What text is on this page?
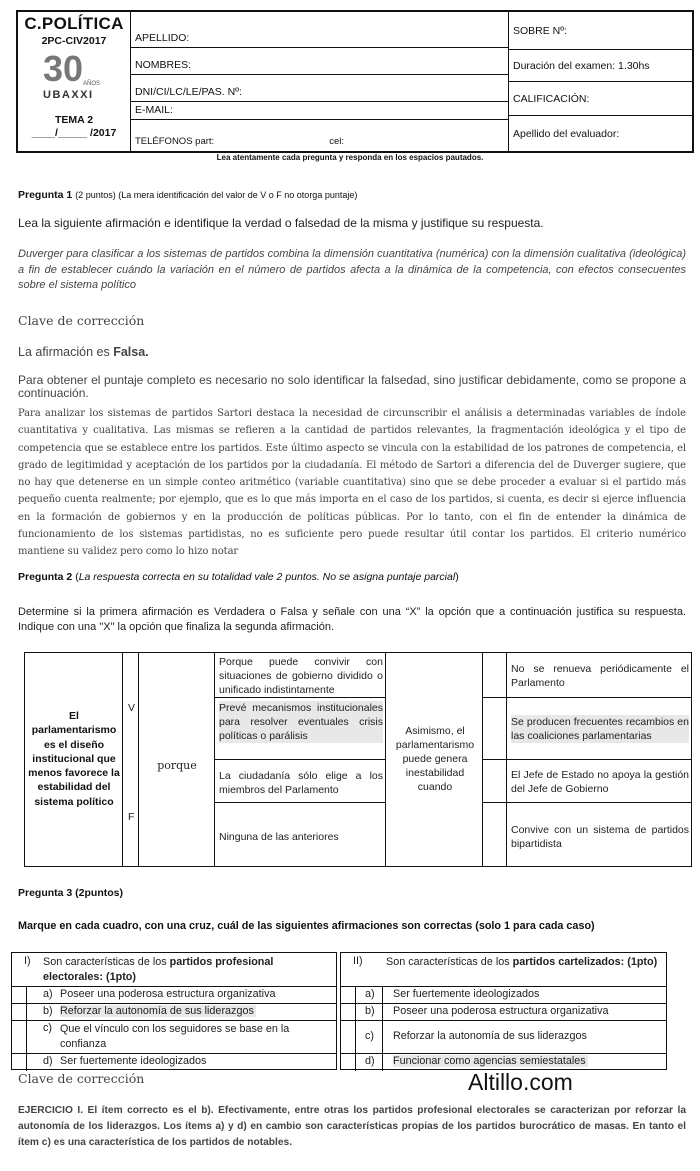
C.POLÍTICA
2PC-CIV2017
30 AÑOS
UBAXXI
TEMA 2
____/_____ /2017
APELLIDO:
NOMBRES:
DNI/CI/LC/LE/PAS. Nº:
E-MAIL:
TELÉFONOS part:	cel:
SOBRE Nº:
Duración del examen: 1.30hs
CALIFICACIÓN:
Apellido del evaluador:
Lea atentamente cada pregunta y responda en los espacios pautados.
Pregunta 1 (2 puntos) (La mera identificación del valor de V o F no otorga puntaje)
Lea la siguiente afirmación e identifique la verdad o falsedad de la misma y justifique su respuesta.
Duverger para clasificar a los sistemas de partidos combina la dimensión cuantitativa (numérica) con la dimensión cualitativa (ideológica) a fin de establecer cuándo la variación en el número de partidos afecta a la dinámica de la competencia, con efectos consecuentes sobre el sistema político
Clave de corrección
La afirmación es Falsa.
Para obtener el puntaje completo es necesario no solo identificar la falsedad, sino justificar debidamente, como se propone a continuación.
Para analizar los sistemas de partidos Sartori destaca la necesidad de circunscribir el análisis a determinadas variables de índole cuantitativa y cualitativa. Las mismas se refieren a la cantidad de partidos relevantes, la fragmentación ideológica y el tipo de competencia que se establece entre los partidos. Este último aspecto se vincula con la estabilidad de los patrones de competencia, el grado de legitimidad y aceptación de los partidos por la ciudadanía. El método de Sartori a diferencia del de Duverger sugiere, que no hay que detenerse en un simple conteo aritmético (variable cuantitativa) sino que se debe proceder a evaluar si el partido más pequeño cuenta realmente; por ejemplo, que es lo que más importa en el caso de los partidos, si cuenta, es decir si ejerce influencia en la formación de gobiernos y en la producción de políticas públicas. Por lo tanto, con el fin de entender la dinámica de funcionamiento de los sistemas partidistas, no es suficiente pero puede resultar útil contar los partidos. El criterio numérico mantiene su validez pero como lo hizo notar
Pregunta 2 (La respuesta correcta en su totalidad vale 2 puntos. No se asigna puntaje parcial)
Determine si la primera afirmación es Verdadera o Falsa y señale con una “X” la opción que a continuación justifica su respuesta. Indique con una "X" la opción que finaliza la segunda afirmación.
El parlamentarismo es el diseño institucional que menos favorece la estabilidad del sistema político
V
F
porque
Porque puede convivir con situaciones de gobierno dividido o unificado indistintamente
Prevé mecanismos institucionales para resolver eventuales crisis políticas o parálisis
La ciudadanía sólo elige a los miembros del Parlamento
Ninguna de las anteriores
Asimismo, el parlamentarismo puede genera inestabilidad cuando
No se renueva periódicamente el Parlamento
Se producen frecuentes recambios en las coaliciones parlamentarias
El Jefe de Estado no apoya la gestión del Jefe de Gobierno
Convive con un sistema de partidos bipartidista
Pregunta 3 (2puntos)
Marque en cada cuadro, con una cruz, cuál de las siguientes afirmaciones son correctas (solo 1 para cada caso)
I) Son características de los partidos profesional electorales: (1pto)
a) Poseer una poderosa estructura organizativa
b) Reforzar la autonomía de sus liderazgos
c) Que el vínculo con los seguidores se base en la confianza
d) Ser fuertemente ideologizados
II) Son características de los partidos cartelizados: (1pto)
a) Ser fuertemente ideologizados
b) Poseer una poderosa estructura organizativa
c) Reforzar la autonomía de sus liderazgos
d) Funcionar como agencias semiestatales
Clave de corrección	Altillo.com
EJERCICIO I. El ítem correcto es el b). Efectivamente, entre otras los partidos profesional electorales se caracterizan por reforzar la autonomía de los liderazgos. Los ítems a) y d) en cambio son características propias de los partidos burocrático de masas. En tanto el ítem c) es una característica de los partidos de notables.
